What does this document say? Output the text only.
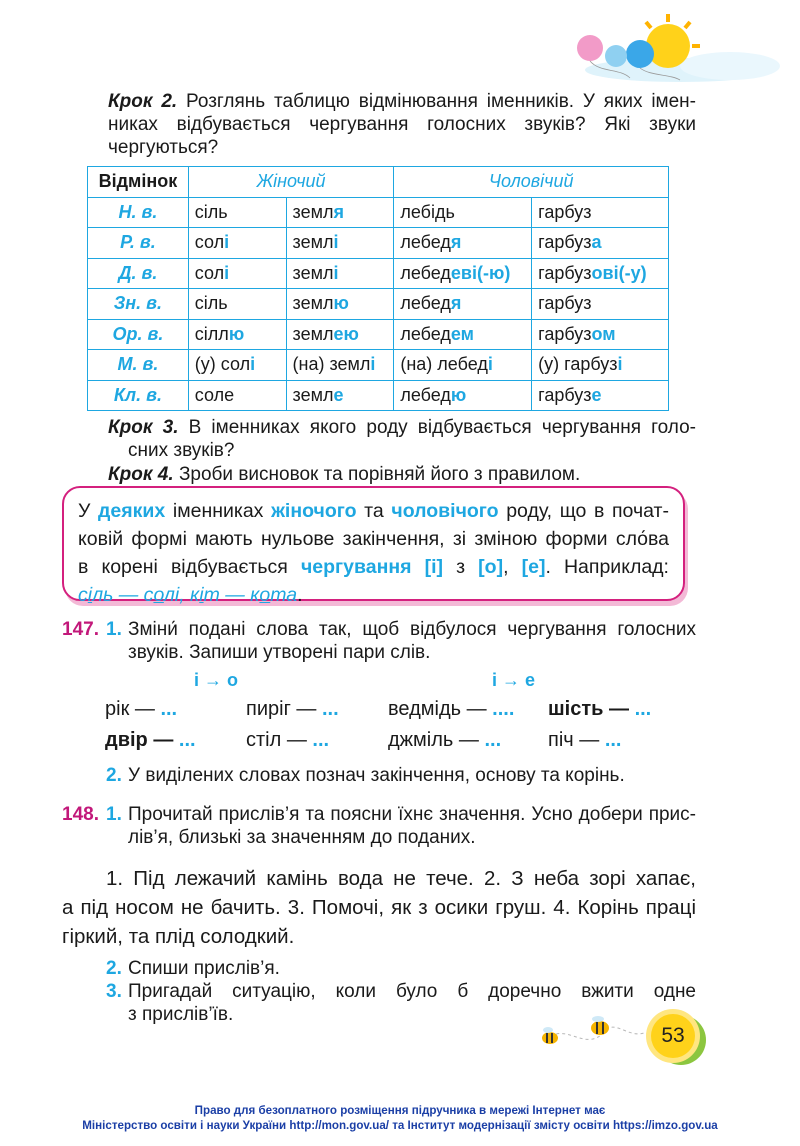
Крок 2. Розглянь таблицю відмінювання іменників. У яких імен-
никах відбувається чергування голосних звуків? Які звуки
чергуються?
Відмінок	Жіночий		Чоловічий	
Н. в.	сіль	земля	лебідь	гарбуз
Р. в.	солі	землі	лебедя	гарбуза
Д. в.	солі	землі	лебедеві(-ю)	гарбузові(-у)
Зн. в.	сіль	землю	лебедя	гарбуз
Ор. в.	сіллю	землею	лебедем	гарбузом
М. в.	(у) солі	(на) землі	(на) лебеді	(у) гарбузі
Кл. в.	соле	земле	лебедю	гарбузе
Крок 3. В іменниках якого роду відбувається чергування голо-
сних звуків?
Крок 4. Зроби висновок та порівняй його з правилом.
У деяких іменниках жіночого та чоловічого роду, що в почат-
ковій формі мають нульове закінчення, зі зміною форми сло́ва
в корені відбувається чергування [і] з [о], [е]. Наприклад:
сіль — солі, кіт — кота.
147. 1. Зміни́ подані слова так, щоб відбулося чергування голосних
звуків. Запиши утворені пари слів.
і → о	і → е
рік — ...	пиріг — ... ведмідь — .... шість — ...
двір — ...	стіл — ...	джміль — ... піч — ...
2. У виділених словах познач закінчення, основу та корінь.
148. 1. Прочитай прислів’я та поясни їхнє значення. Усно добери прис-
лів’я, близькі за значенням до поданих.
1. Під лежачий камінь вода не тече. 2. З неба зорі хапає,
а під носом не бачить. 3. Помочі, як з осики груш. 4. Корінь праці
гіркий, та плід солодкий.
2. Спиши прислів’я.
3. Пригадай ситуацію, коли було б доречно вжити одне
з прислів’їв.
53
Право для безоплатного розміщення підручника в мережі Інтернет має
Міністерство освіти і науки України http://mon.gov.ua/ та Інститут модернізації змісту освіти https://imzo.gov.ua
